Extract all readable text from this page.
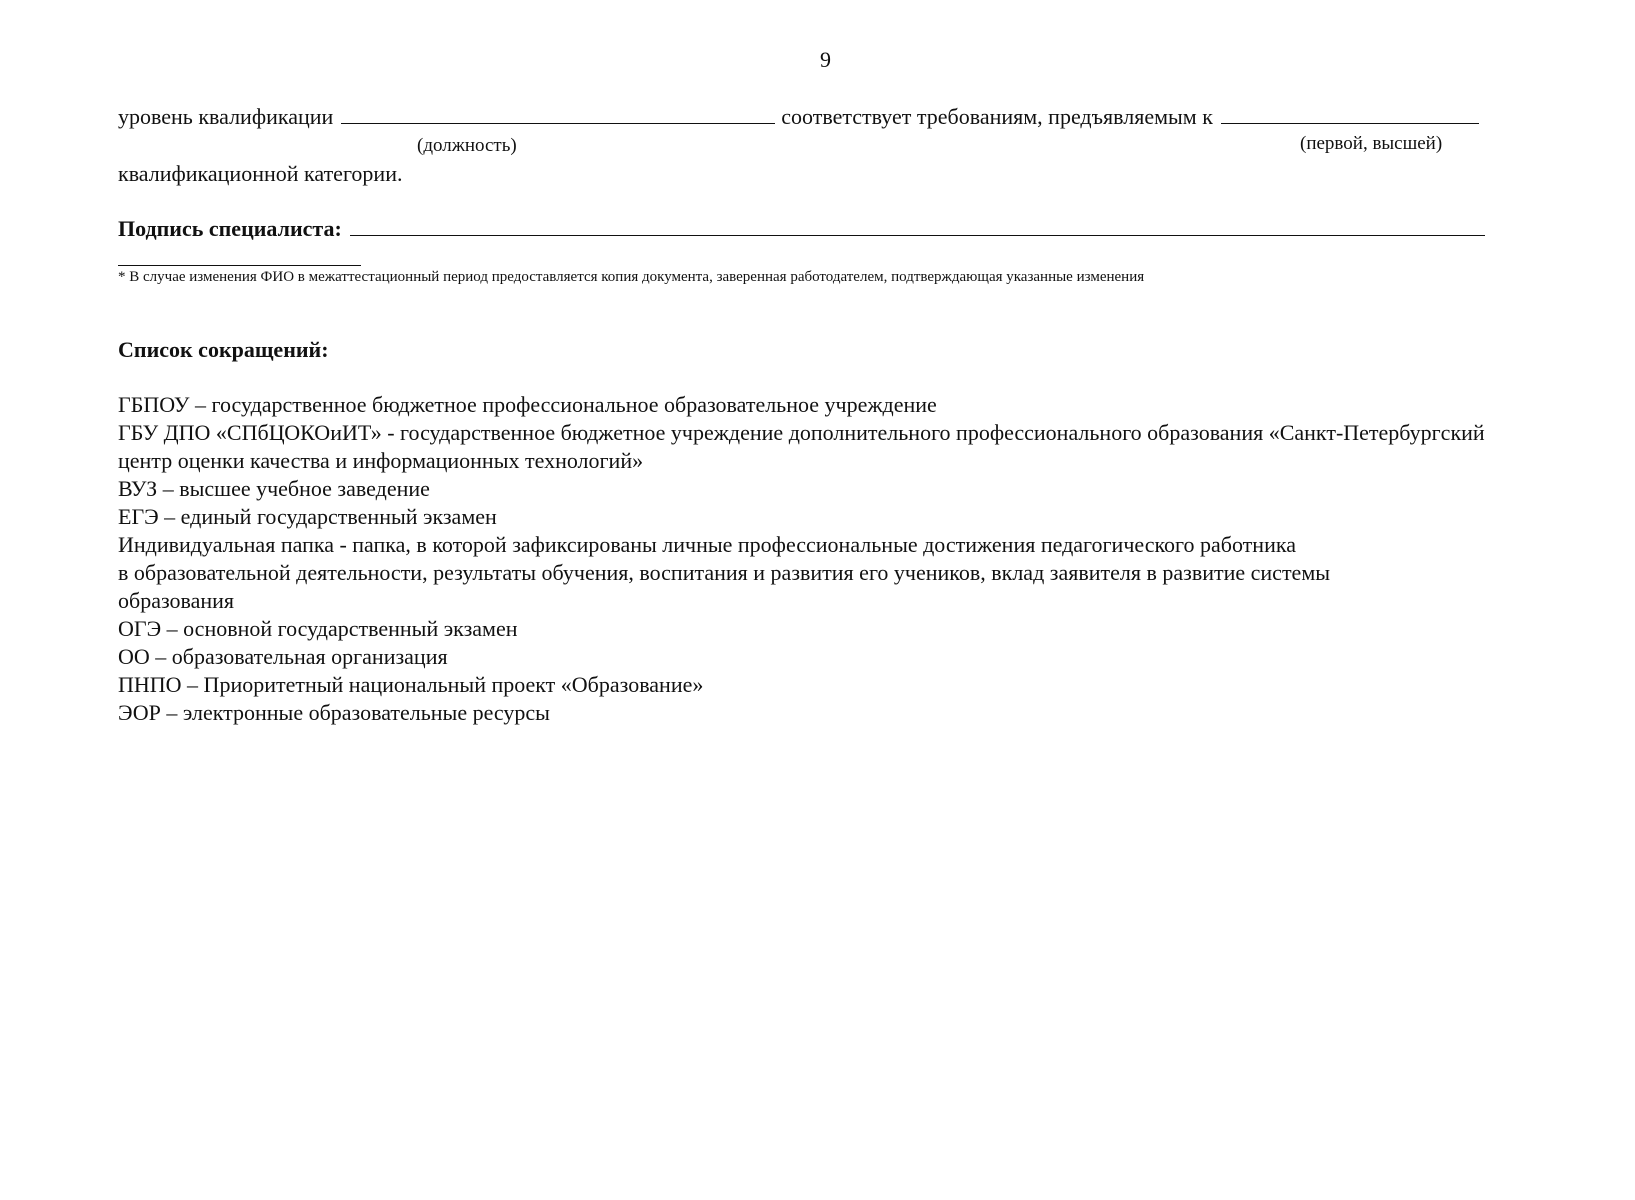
9
уровень квалификации	соответствует требованиям, предъявляемым к
(должность)	(первой, высшей)
квалификационной категории.
Подпись специалиста:
* В случае изменения ФИО в межаттестационный период предоставляется копия документа, заверенная работодателем, подтверждающая указанные изменения
Список сокращений:
ГБПОУ – государственное бюджетное профессиональное образовательное учреждение
ГБУ ДПО «СПбЦОКОиИТ» - государственное бюджетное учреждение дополнительного профессионального образования «Санкт-Петербургский
центр оценки качества и информационных технологий»
ВУЗ – высшее учебное заведение
ЕГЭ – единый государственный экзамен
Индивидуальная папка - папка, в которой зафиксированы личные профессиональные достижения педагогического работника
в образовательной деятельности, результаты обучения, воспитания и развития его учеников, вклад заявителя в развитие системы
образования
ОГЭ – основной государственный экзамен
ОО – образовательная организация
ПНПО – Приоритетный национальный проект «Образование»
ЭОР – электронные образовательные ресурсы
